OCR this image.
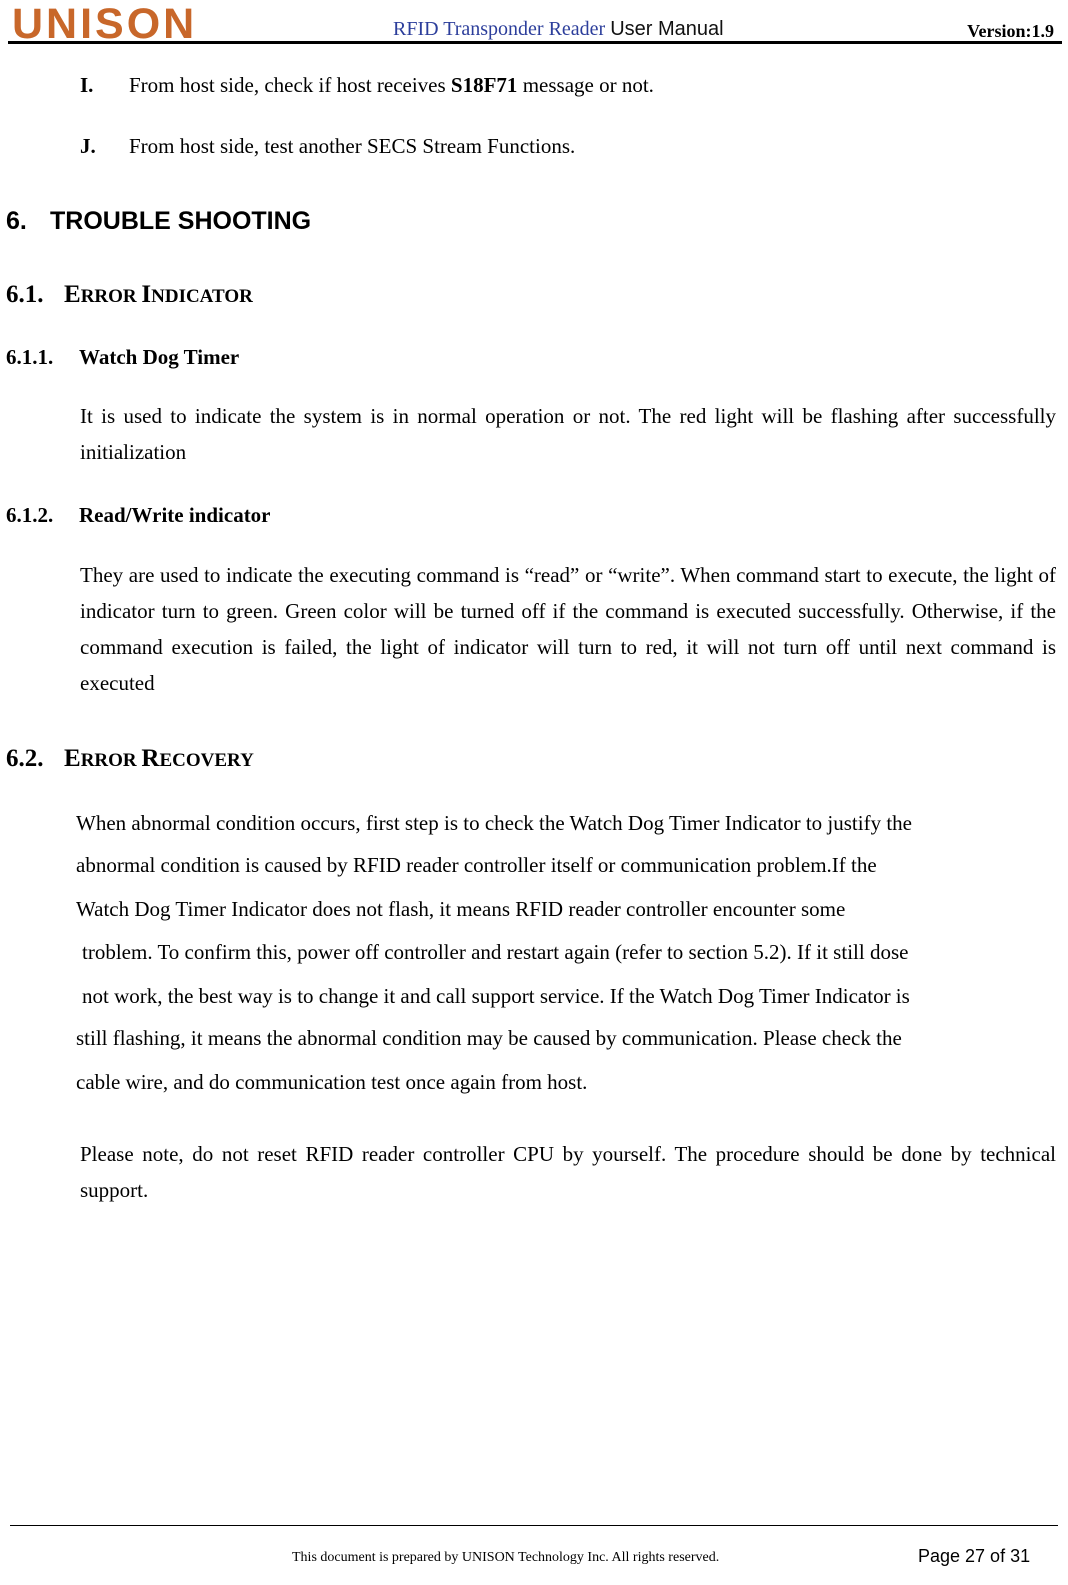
UNISON	RFID Transponder Reader User Manual	Version:1.9
I. From host side, check if host receives S18F71 message or not.
J. From host side, test another SECS Stream Functions.
6. TROUBLE SHOOTING
6.1. ERROR INDICATOR
6.1.1. Watch Dog Timer
It is used to indicate the system is in normal operation or not. The red light will be flashing after successfully initialization
6.1.2. Read/Write indicator
They are used to indicate the executing command is “read” or “write”. When command start to execute, the light of indicator turn to green. Green color will be turned off if the command is executed successfully. Otherwise, if the command execution is failed, the light of indicator will turn to red, it will not turn off until next command is executed
6.2. ERROR RECOVERY
When abnormal condition occurs, first step is to check the Watch Dog Timer Indicator to justify the
abnormal condition is caused by RFID reader controller itself or communication problem.If the
Watch Dog Timer Indicator does not flash, it means RFID reader controller encounter some
troblem. To confirm this, power off controller and restart again (refer to section 5.2). If it still dose
not work, the best way is to change it and call support service. If the Watch Dog Timer Indicator is
still flashing, it means the abnormal condition may be caused by communication. Please check the
cable wire, and do communication test once again from host.
Please note, do not reset RFID reader controller CPU by yourself. The procedure should be done by technical support.
This document is prepared by UNISON Technology Inc. All rights reserved.	Page 27 of 31
